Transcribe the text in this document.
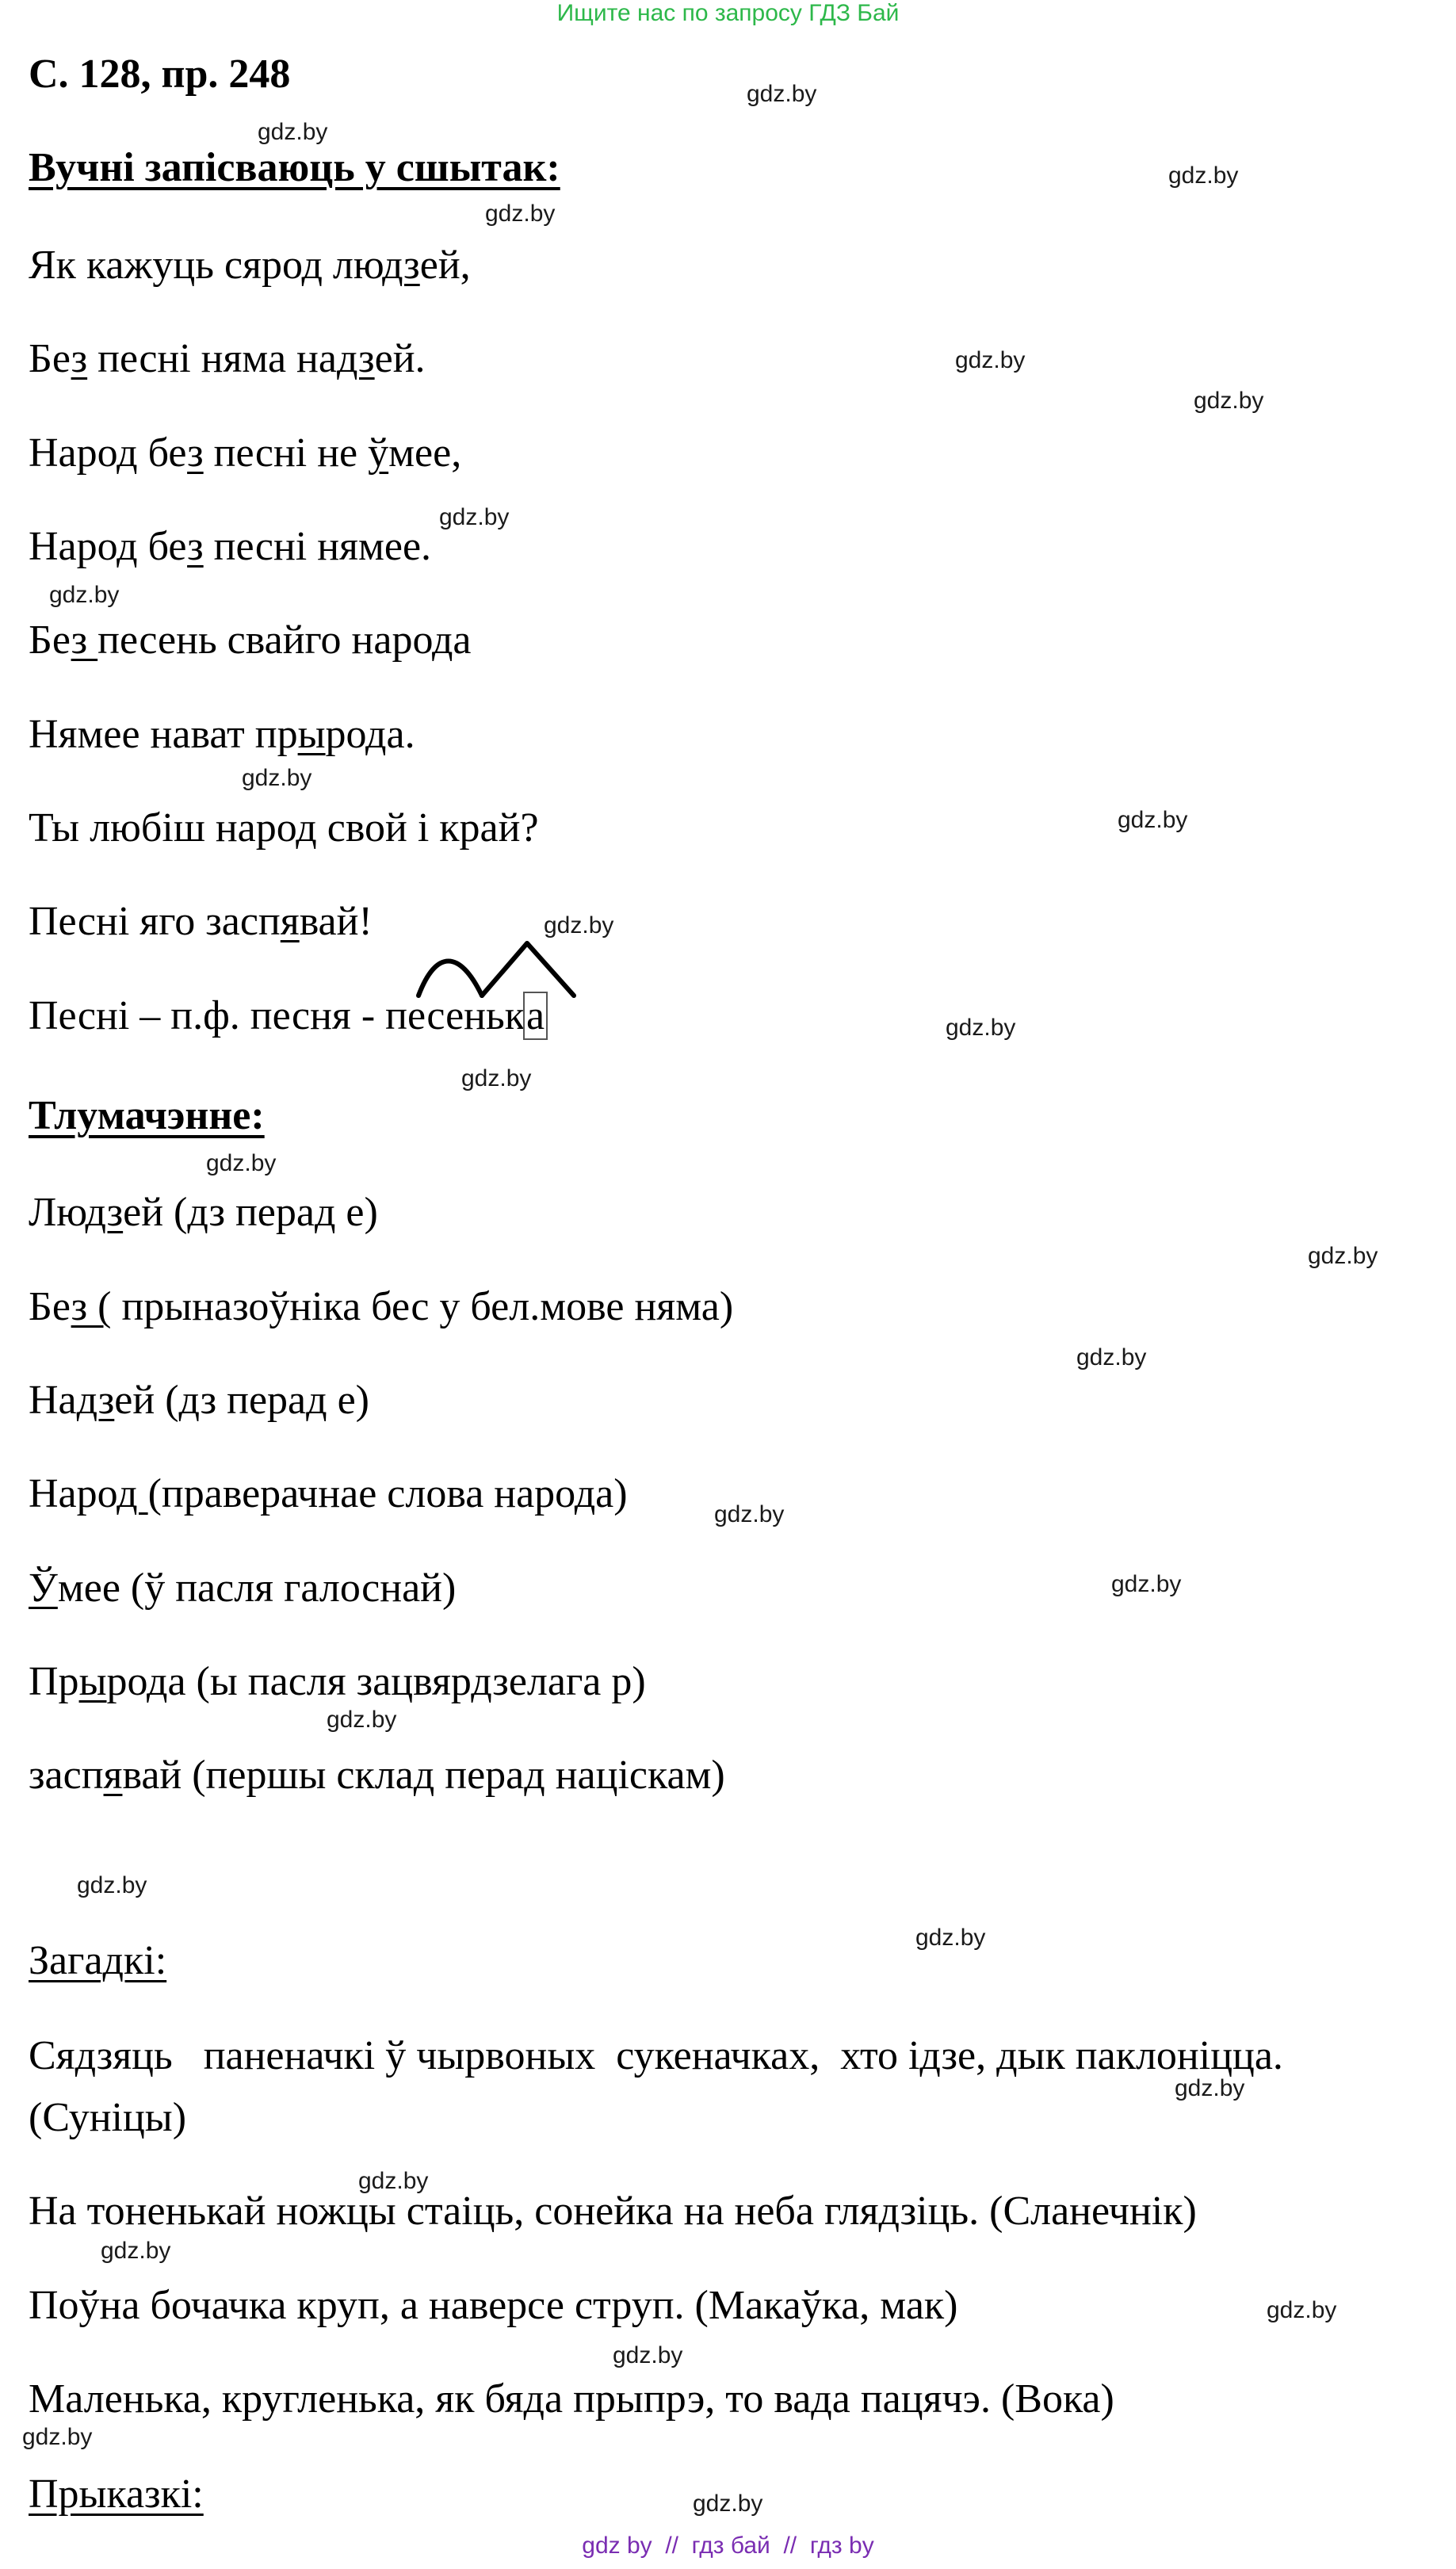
Ищите нас по запросу ГДЗ Бай
С. 128, пр. 248
Вучні запісваюць у сшытак:
Як кажуць сярод людзей,
Без песні няма надзей.
Народ без песні не ўмее,
Народ без песні нямее.
Без песень свайго народа
Нямее нават прырода.
Ты любіш народ свой і край?
Песні яго заспявай!
Песні – п.ф. песня - песенька
Тлумачэнне:
Людзей (дз перад е)
Без ( прыназоўніка бес у бел.мове няма)
Надзей (дз перад е)
Народ (праверачнае слова народа)
Ўмее (ў пасля галоснай)
Прырода (ы пасля зацвярдзелага р)
заспявай (першы склад перад націскам)
Загадкі:
Сядзяць   паненачкі ў чырвоных  сукеначках,  хто ідзе, дык паклоніцца.
(Суніцы)
На тоненькай ножцы стаіць, сонейка на неба глядзіць. (Сланечнік)
Поўна бочачка круп, а наверсе струп. (Макаўка, мак)
Маленька, кругленька, як бяда прыпрэ, то вада пацячэ. (Вока)
Прыказкі:
gdz.by
gdz.by
gdz.by
gdz.by
gdz.by
gdz.by
gdz.by
gdz.by
gdz.by
gdz.by
gdz.by
gdz.by
gdz.by
gdz.by
gdz.by
gdz.by
gdz.by
gdz.by
gdz.by
gdz.by
gdz.by
gdz.by
gdz.by
gdz.by
gdz.by
gdz.by
gdz.by
gdz.by
gdz by  //  гдз бай  //  гдз by
